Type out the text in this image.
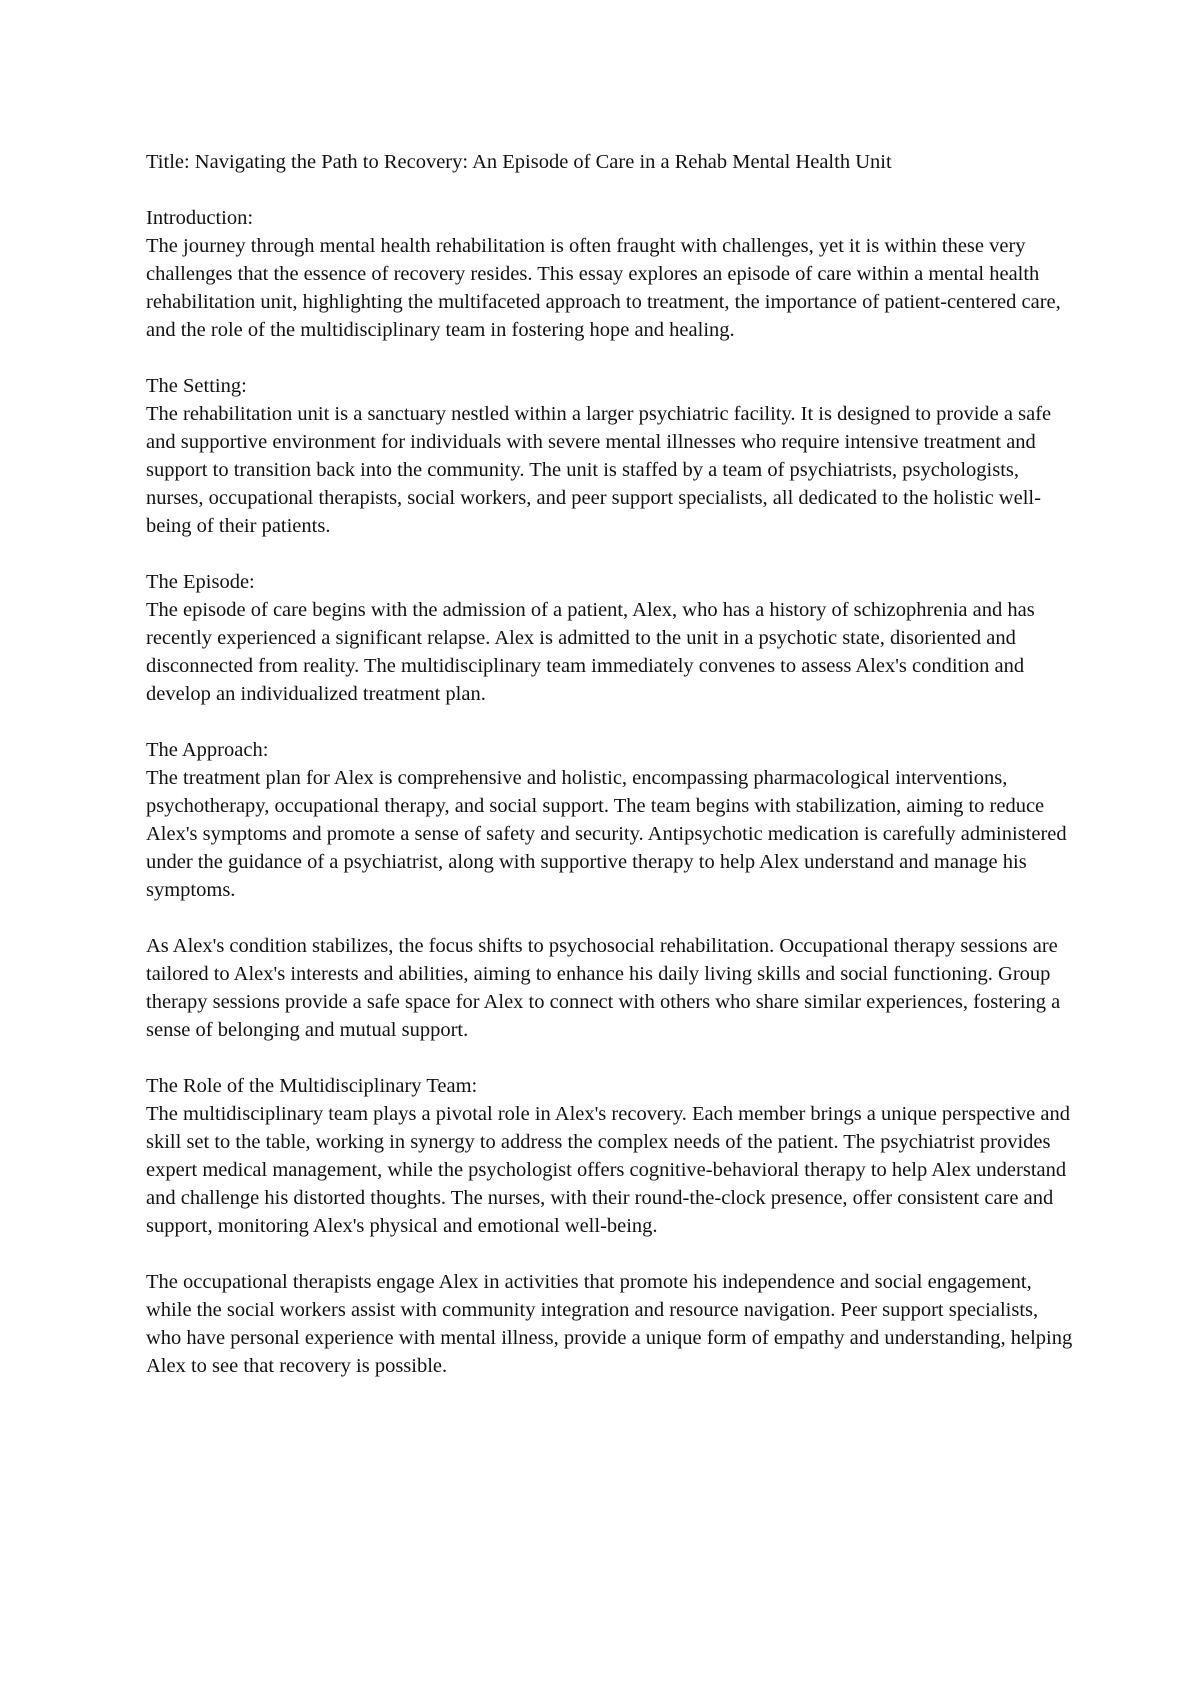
Title: Navigating the Path to Recovery: An Episode of Care in a Rehab Mental Health Unit

Introduction:

The journey through mental health rehabilitation is often fraught with challenges, yet it is within these very challenges that the essence of recovery resides. This essay explores an episode of care within a mental health rehabilitation unit, highlighting the multifaceted approach to treatment, the importance of patient-centered care, and the role of the multidisciplinary team in fostering hope and healing.

The Setting:

The rehabilitation unit is a sanctuary nestled within a larger psychiatric facility. It is designed to provide a safe and supportive environment for individuals with severe mental illnesses who require intensive treatment and support to transition back into the community. The unit is staffed by a team of psychiatrists, psychologists, nurses, occupational therapists, social workers, and peer support specialists, all dedicated to the holistic well-being of their patients.

The Episode:

The episode of care begins with the admission of a patient, Alex, who has a history of schizophrenia and has recently experienced a significant relapse. Alex is admitted to the unit in a psychotic state, disoriented and disconnected from reality. The multidisciplinary team immediately convenes to assess Alex's condition and develop an individualized treatment plan.

The Approach:

The treatment plan for Alex is comprehensive and holistic, encompassing pharmacological interventions, psychotherapy, occupational therapy, and social support. The team begins with stabilization, aiming to reduce Alex's symptoms and promote a sense of safety and security. Antipsychotic medication is carefully administered under the guidance of a psychiatrist, along with supportive therapy to help Alex understand and manage his symptoms.

As Alex's condition stabilizes, the focus shifts to psychosocial rehabilitation. Occupational therapy sessions are tailored to Alex's interests and abilities, aiming to enhance his daily living skills and social functioning. Group therapy sessions provide a safe space for Alex to connect with others who share similar experiences, fostering a sense of belonging and mutual support.

The Role of the Multidisciplinary Team:

The multidisciplinary team plays a pivotal role in Alex's recovery. Each member brings a unique perspective and skill set to the table, working in synergy to address the complex needs of the patient. The psychiatrist provides expert medical management, while the psychologist offers cognitive-behavioral therapy to help Alex understand and challenge his distorted thoughts. The nurses, with their round-the-clock presence, offer consistent care and support, monitoring Alex's physical and emotional well-being.

The occupational therapists engage Alex in activities that promote his independence and social engagement, while the social workers assist with community integration and resource navigation. Peer support specialists, who have personal experience with mental illness, provide a unique form of empathy and understanding, helping Alex to see that recovery is possible.
